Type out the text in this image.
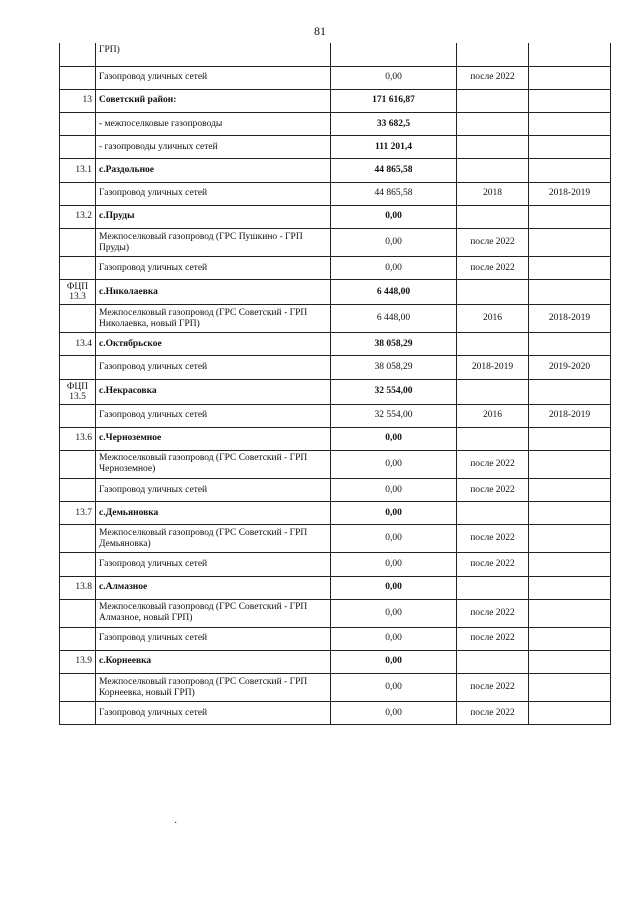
81
	ГРП)			
	Газопровод уличных сетей	0,00	после 2022	
13	Советский район:	171 616,87		
	- межпоселковые газопроводы	33 682,5		
	- газопроводы уличных сетей	111 201,4		
13.1	с.Раздольное	44 865,58		
	Газопровод уличных сетей	44 865,58	2018	2018-2019
13.2	с.Пруды	0,00		
	Межпоселковый газопровод (ГРС Пушкино - ГРП Пруды)	0,00	после 2022	
	Газопровод уличных сетей	0,00	после 2022	
ФЦП 13.3	с.Николаевка	6 448,00		
	Межпоселковый газопровод (ГРС Советский - ГРП Николаевка, новый ГРП)	6 448,00	2016	2018-2019
13.4	с.Октябрьское	38 058,29		
	Газопровод уличных сетей	38 058,29	2018-2019	2019-2020
ФЦП 13.5	с.Некрасовка	32 554,00		
	Газопровод уличных сетей	32 554,00	2016	2018-2019
13.6	с.Черноземное	0,00		
	Межпоселковый газопровод (ГРС Советский - ГРП Черноземное)	0,00	после 2022	
	Газопровод уличных сетей	0,00	после 2022	
13.7	с.Демьяновка	0,00		
	Межпоселковый газопровод (ГРС Советский - ГРП Демьяновка)	0,00	после 2022	
	Газопровод уличных сетей	0,00	после 2022	
13.8	с.Алмазное	0,00		
	Межпоселковый газопровод (ГРС Советский - ГРП Алмазное, новый ГРП)	0,00	после 2022	
	Газопровод уличных сетей	0,00	после 2022	
13.9	с.Корнеевка	0,00		
	Межпоселковый газопровод (ГРС Советский - ГРП Корнеевка, новый ГРП)	0,00	после 2022	
	Газопровод уличных сетей	0,00	после 2022	
·
